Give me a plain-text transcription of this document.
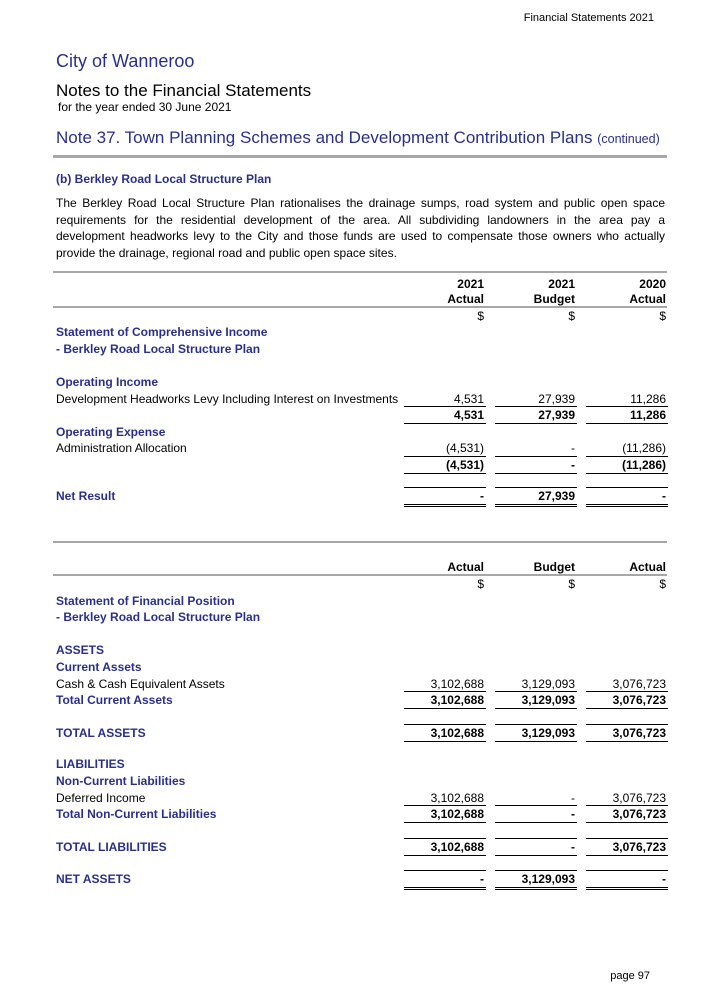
Financial Statements 2021
City of Wanneroo
Notes to the Financial Statements
for the year ended 30 June 2021
Note 37. Town Planning Schemes and Development Contribution Plans (continued)
(b) Berkley Road Local Structure Plan
The Berkley Road Local Structure Plan rationalises the drainage sumps, road system and public open space requirements for the residential development of the area. All subdividing landowners in the area pay a development headworks levy to the City and those funds are used to compensate those owners who actually provide the drainage, regional road and public open space sites.
2021	2021	2020
Actual	Budget	Actual
$	$	$
Statement of Comprehensive Income
- Berkley Road Local Structure Plan
Operating Income
Development Headworks Levy Including Interest on Investments	4,531	27,939	11,286
4,531	27,939	11,286
Operating Expense
Administration Allocation	(4,531)	-	(11,286)
(4,531)	-	(11,286)
Net Result	-	27,939	-
Actual	Budget	Actual
$	$	$
Statement of Financial Position
- Berkley Road Local Structure Plan
ASSETS
Current Assets
Cash & Cash Equivalent Assets	3,102,688	3,129,093	3,076,723
Total Current Assets	3,102,688	3,129,093	3,076,723
TOTAL ASSETS	3,102,688	3,129,093	3,076,723
LIABILITIES
Non-Current Liabilities
Deferred Income	3,102,688	-	3,076,723
Total Non-Current Liabilities	3,102,688	-	3,076,723
TOTAL LIABILITIES	3,102,688	-	3,076,723
NET ASSETS	-	3,129,093	-
page 97
